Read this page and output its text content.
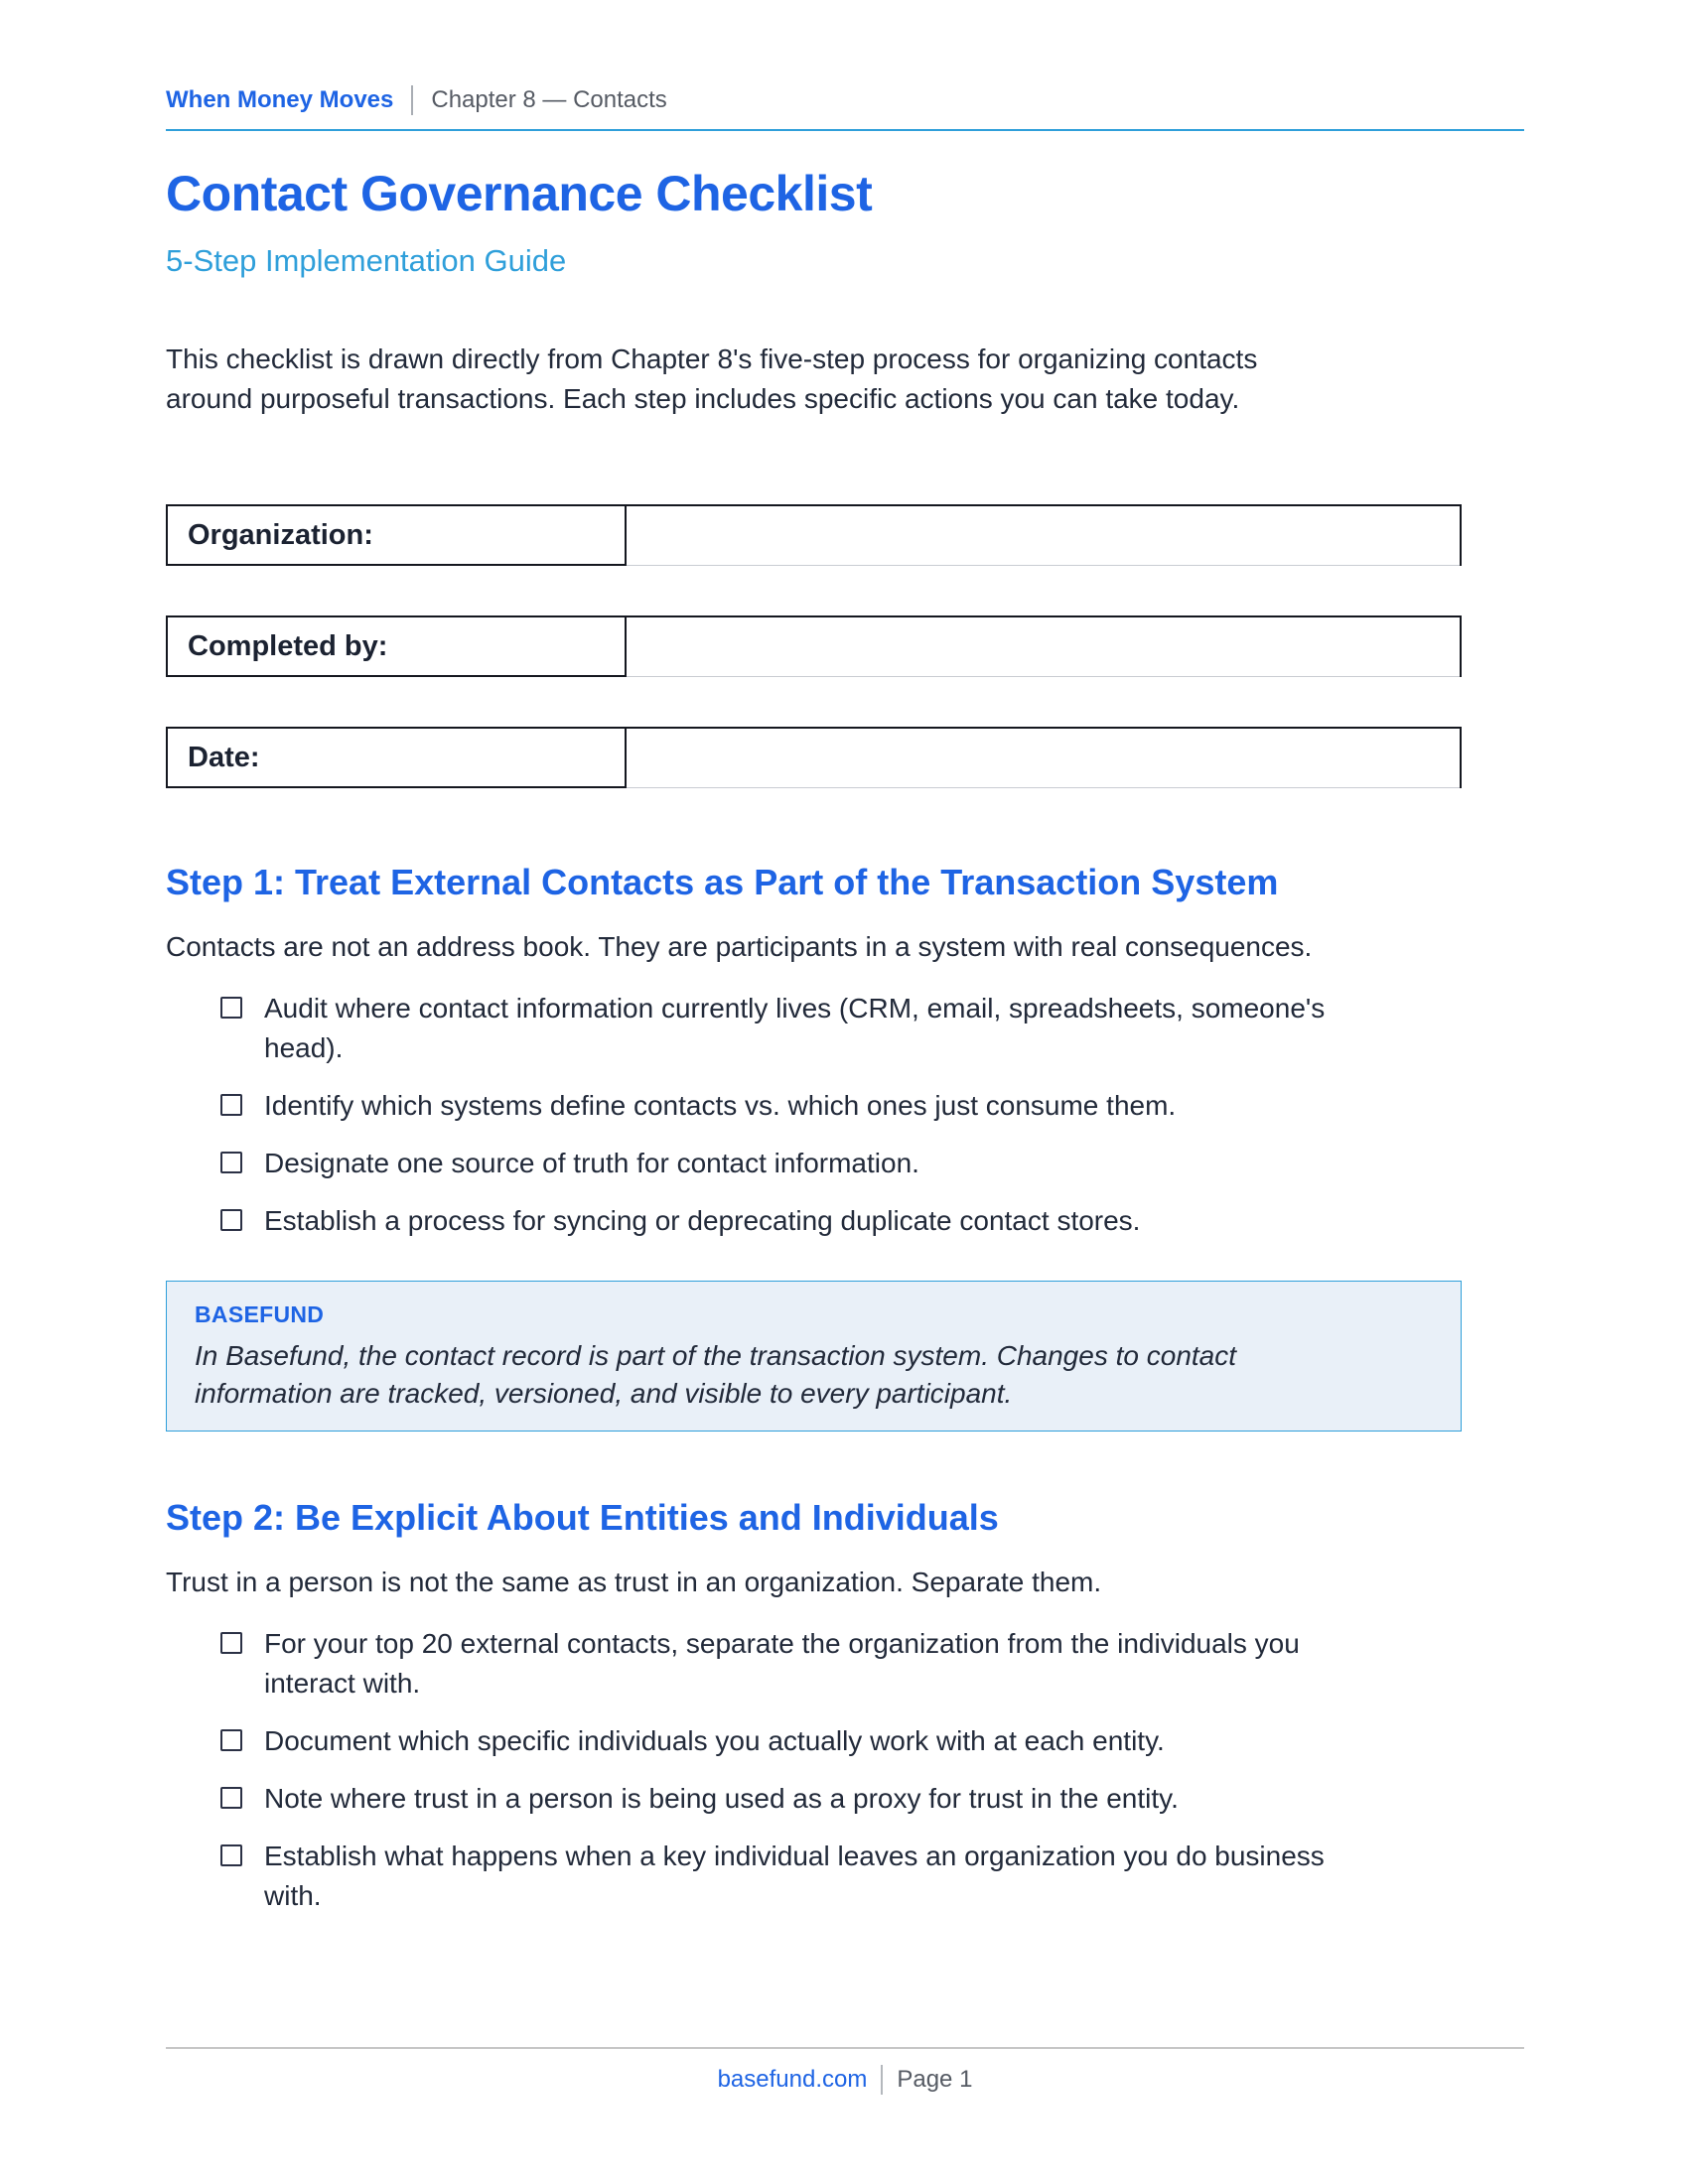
When Money Moves Chapter 8 — Contacts
Contact Governance Checklist
5-Step Implementation Guide
This checklist is drawn directly from Chapter 8's five-step process for organizing contacts
around purposeful transactions. Each step includes specific actions you can take today.
Organization:
Completed by:
Date:
Step 1: Treat External Contacts as Part of the Transaction System

Contacts are not an address book. They are participants in a system with real consequences.

Audit where contact information currently lives (CRM, email, spreadsheets, someone's
head).
Identify which systems define contacts vs. which ones just consume them.
Designate one source of truth for contact information.
Establish a process for syncing or deprecating duplicate contact stores.
BASEFUND
In Basefund, the contact record is part of the transaction system. Changes to contact
information are tracked, versioned, and visible to every participant.
Step 2: Be Explicit About Entities and Individuals

Trust in a person is not the same as trust in an organization. Separate them.

For your top 20 external contacts, separate the organization from the individuals you
interact with.
Document which specific individuals you actually work with at each entity.
Note where trust in a person is being used as a proxy for trust in the entity.
Establish what happens when a key individual leaves an organization you do business
with.
basefund.com Page 1
